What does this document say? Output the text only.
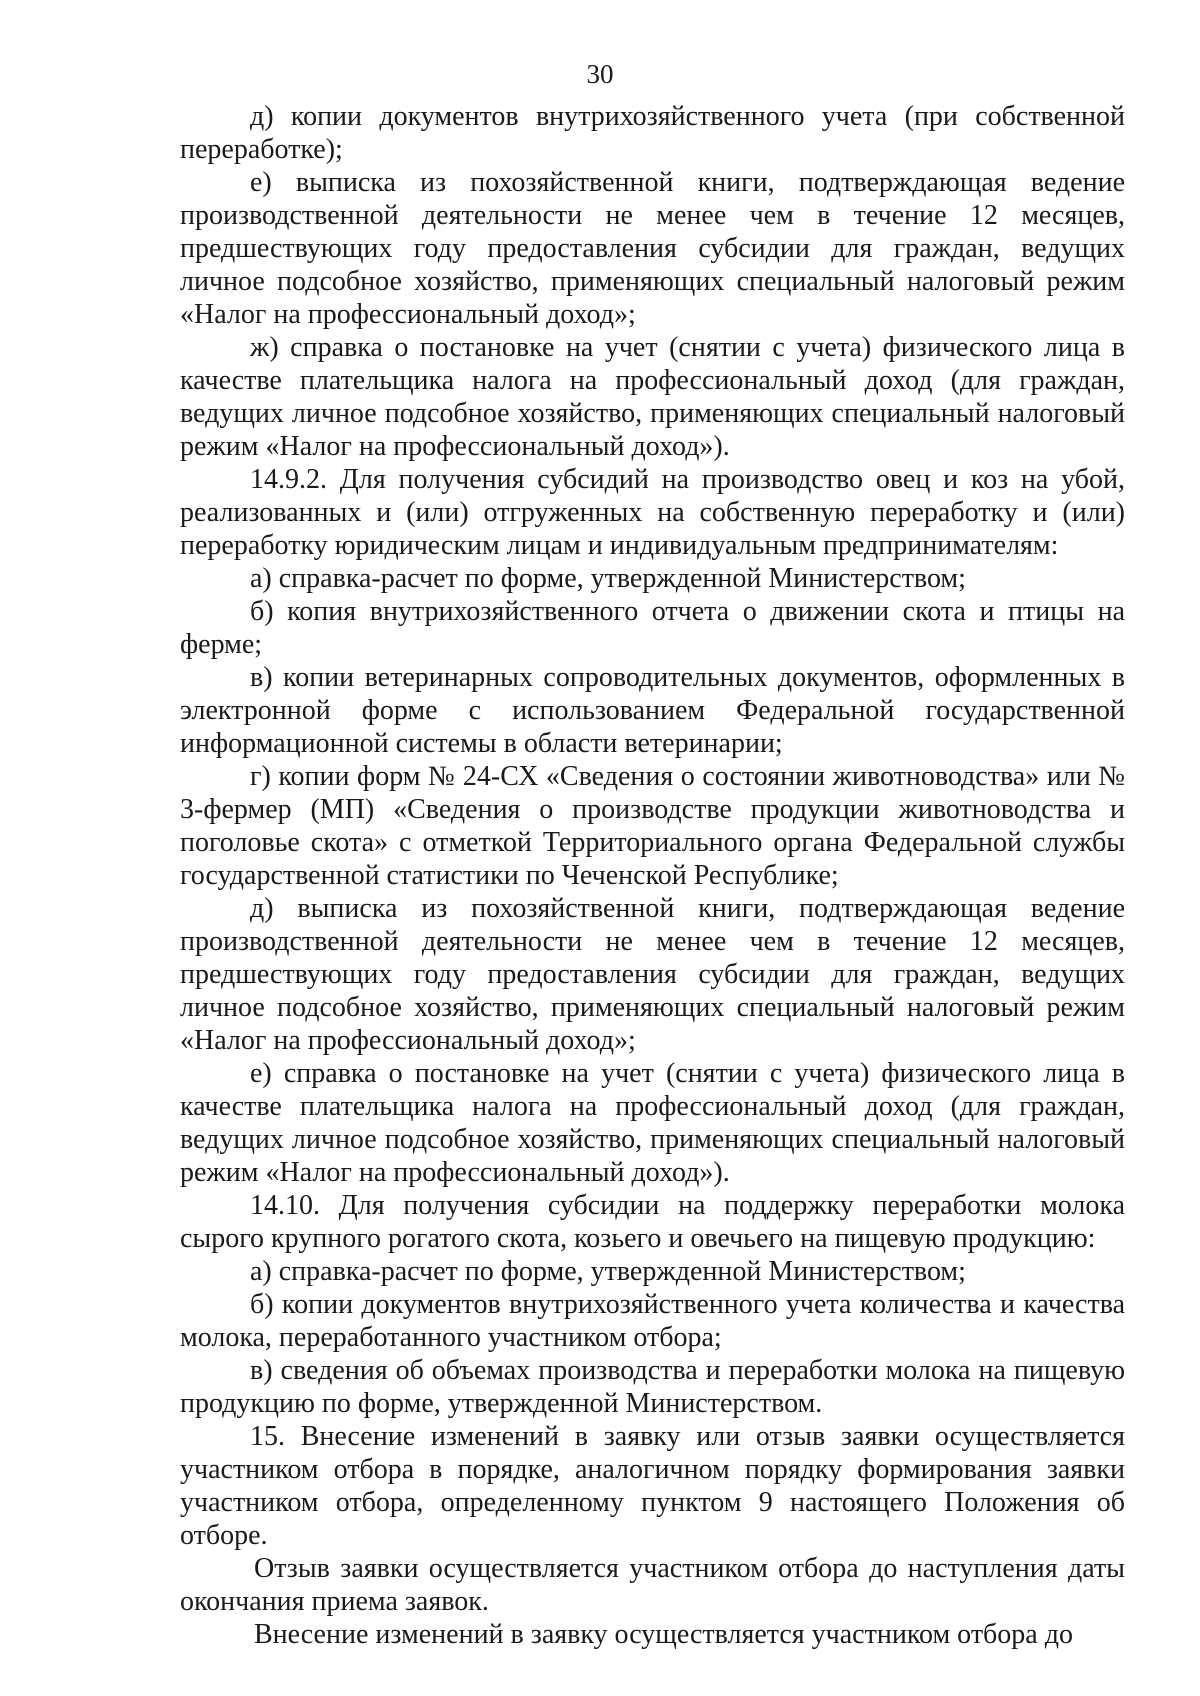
30

д) копии документов внутрихозяйственного учета (при собственной переработке);

е) выписка из похозяйственной книги, подтверждающая ведение производственной деятельности не менее чем в течение 12 месяцев, предшествующих году предоставления субсидии для граждан, ведущих личное подсобное хозяйство, применяющих специальный налоговый режим «Налог на профессиональный доход»;

ж) справка о постановке на учет (снятии с учета) физического лица в качестве плательщика налога на профессиональный доход (для граждан, ведущих личное подсобное хозяйство, применяющих специальный налоговый режим «Налог на профессиональный доход»).

14.9.2. Для получения субсидий на производство овец и коз на убой, реализованных и (или) отгруженных на собственную переработку и (или) переработку юридическим лицам и индивидуальным предпринимателям:

а) справка-расчет по форме, утвержденной Министерством;

б) копия внутрихозяйственного отчета о движении скота и птицы на ферме;

в) копии ветеринарных сопроводительных документов, оформленных в электронной форме с использованием Федеральной государственной информационной системы в области ветеринарии;

г) копии форм № 24-СХ «Сведения о состоянии животноводства» или № 3-фермер (МП) «Сведения о производстве продукции животноводства и поголовье скота» с отметкой Территориального органа Федеральной службы государственной статистики по Чеченской Республике;

д) выписка из похозяйственной книги, подтверждающая ведение производственной деятельности не менее чем в течение 12 месяцев, предшествующих году предоставления субсидии для граждан, ведущих личное подсобное хозяйство, применяющих специальный налоговый режим «Налог на профессиональный доход»;

е) справка о постановке на учет (снятии с учета) физического лица в качестве плательщика налога на профессиональный доход (для граждан, ведущих личное подсобное хозяйство, применяющих специальный налоговый режим «Налог на профессиональный доход»).

14.10. Для получения субсидии на поддержку переработки молока сырого крупного рогатого скота, козьего и овечьего на пищевую продукцию:

а) справка-расчет по форме, утвержденной Министерством;

б) копии документов внутрихозяйственного учета количества и качества молока, переработанного участником отбора;

в) сведения об объемах производства и переработки молока на пищевую продукцию по форме, утвержденной Министерством.

15. Внесение изменений в заявку или отзыв заявки осуществляется участником отбора в порядке, аналогичном порядку формирования заявки участником отбора, определенному пунктом 9 настоящего Положения об отборе.

Отзыв заявки осуществляется участником отбора до наступления даты окончания приема заявок.

Внесение изменений в заявку осуществляется участником отбора до
